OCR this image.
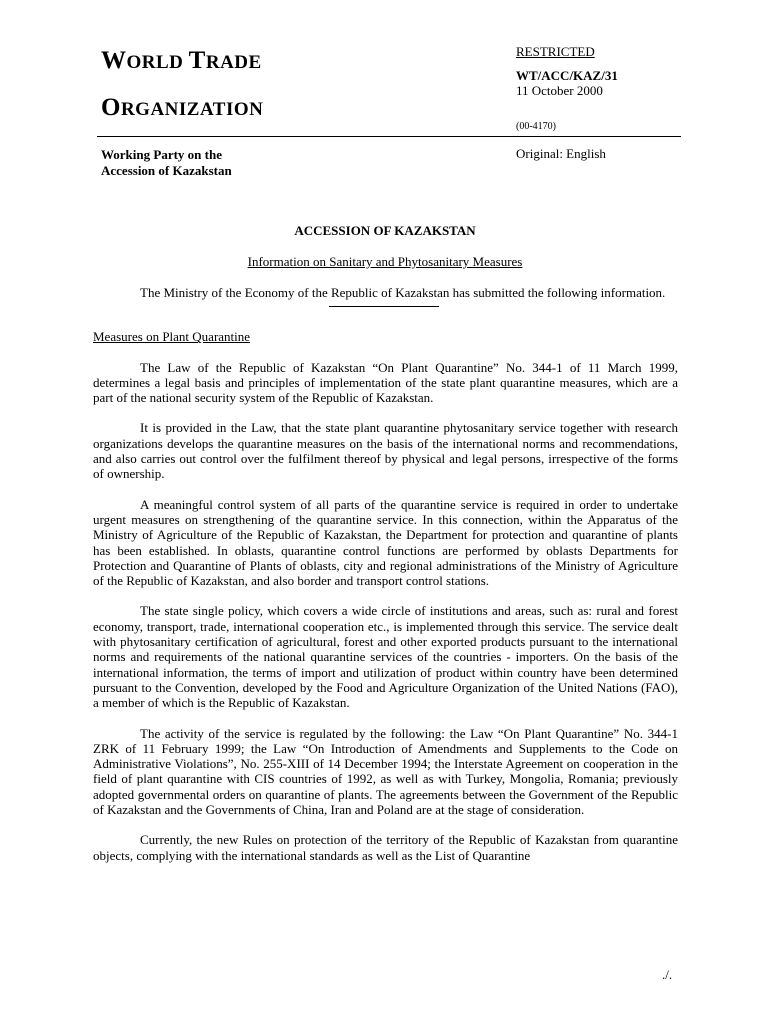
WORLD TRADE
ORGANIZATION
RESTRICTED
WT/ACC/KAZ/31
11 October 2000
(00-4170)
Working Party on the
Accession of Kazakstan
Original: English
ACCESSION OF KAZAKSTAN
Information on Sanitary and Phytosanitary Measures

The Ministry of the Economy of the Republic of Kazakstan has submitted the following information.

Measures on Plant Quarantine

The Law of the Republic of Kazakstan “On Plant Quarantine” No. 344-1 of 11 March 1999, determines a legal basis and principles of implementation of the state plant quarantine measures, which are a part of the national security system of the Republic of Kazakstan.

It is provided in the Law, that the state plant quarantine phytosanitary service together with research organizations develops the quarantine measures on the basis of the international norms and recommendations, and also carries out control over the fulfilment thereof by physical and legal persons, irrespective of the forms of ownership.

A meaningful control system of all parts of the quarantine service is required in order to undertake urgent measures on strengthening of the quarantine service. In this connection, within the Apparatus of the Ministry of Agriculture of the Republic of Kazakstan, the Department for protection and quarantine of plants has been established. In oblasts, quarantine control functions are performed by oblasts Departments for Protection and Quarantine of Plants of oblasts, city and regional administrations of the Ministry of Agriculture of the Republic of Kazakstan, and also border and transport control stations.

The state single policy, which covers a wide circle of institutions and areas, such as: rural and forest economy, transport, trade, international cooperation etc., is implemented through this service. The service dealt with phytosanitary certification of agricultural, forest and other exported products pursuant to the international norms and requirements of the national quarantine services of the countries - importers. On the basis of the international information, the terms of import and utilization of product within country have been determined pursuant to the Convention, developed by the Food and Agriculture Organization of the United Nations (FAO), a member of which is the Republic of Kazakstan.

The activity of the service is regulated by the following: the Law “On Plant Quarantine” No. 344-1 ZRK of 11 February 1999; the Law “On Introduction of Amendments and Supplements to the Code on Administrative Violations”, No. 255-XIII of 14 December 1994; the Interstate Agreement on cooperation in the field of plant quarantine with CIS countries of 1992, as well as with Turkey, Mongolia, Romania; previously adopted governmental orders on quarantine of plants. The agreements between the Government of the Republic of Kazakstan and the Governments of China, Iran and Poland are at the stage of consideration.

Currently, the new Rules on protection of the territory of the Republic of Kazakstan from quarantine objects, complying with the international standards as well as the List of Quarantine

./.
